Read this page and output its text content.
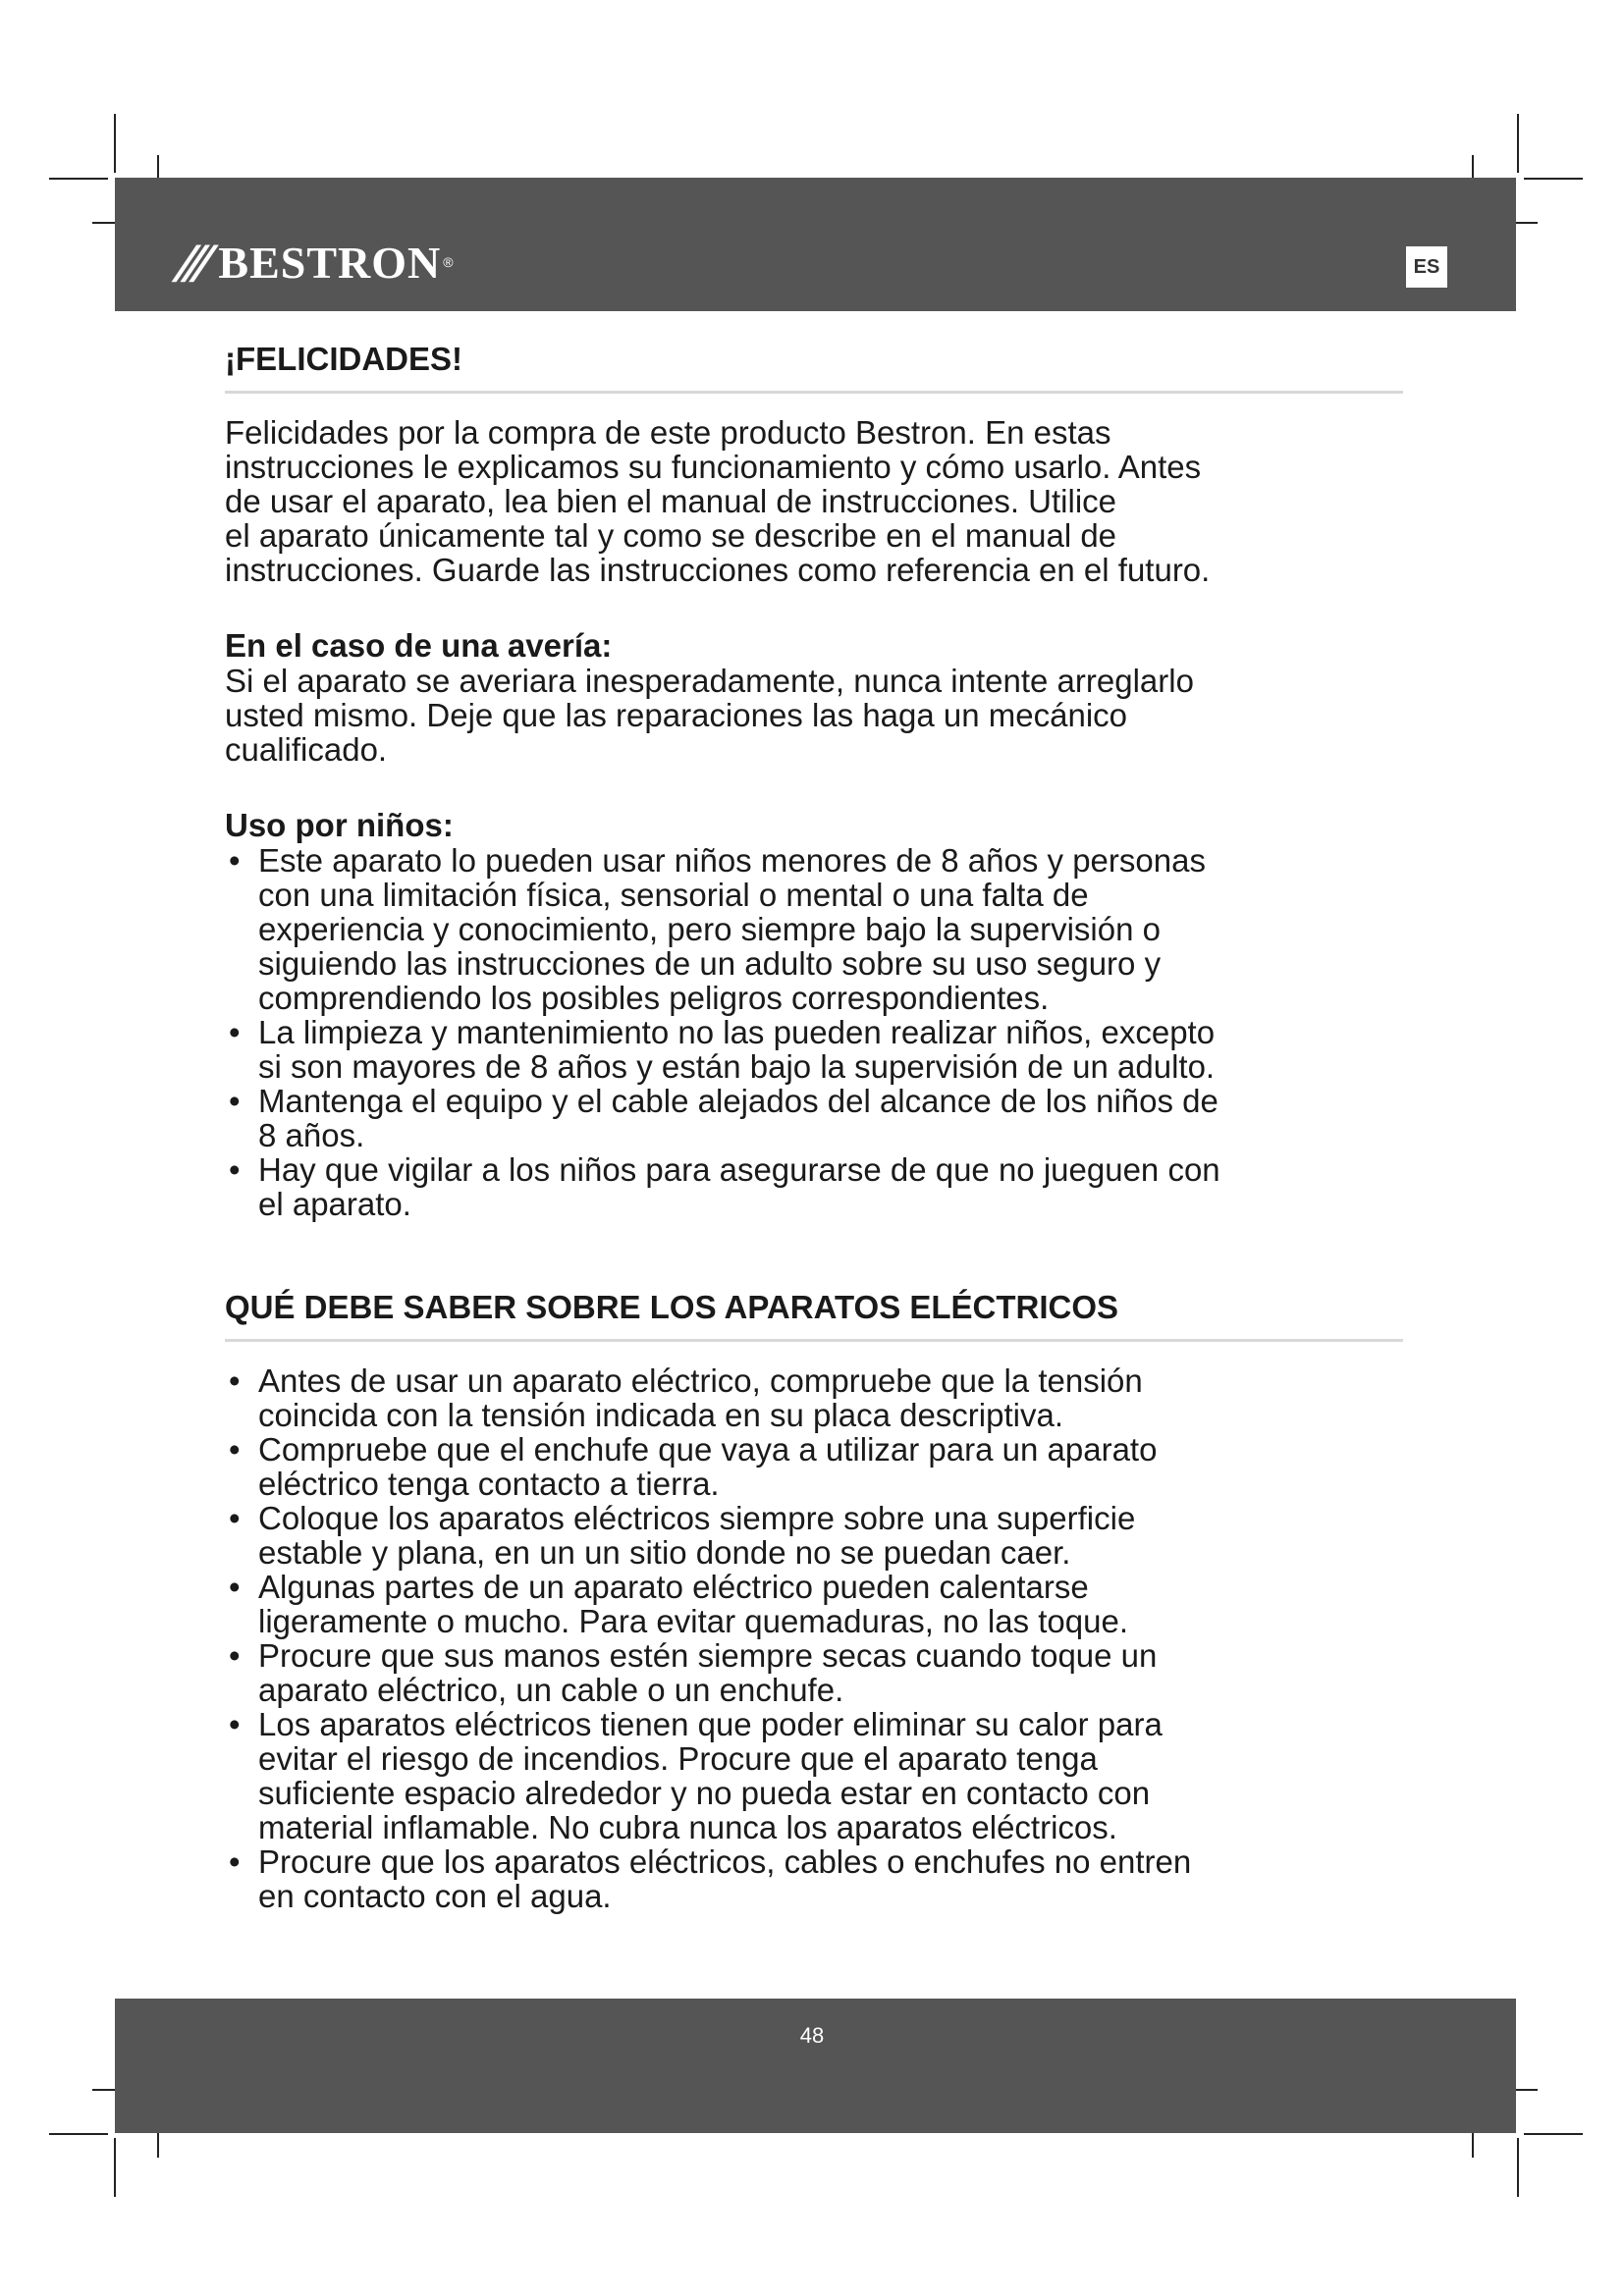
/// BESTRON ®	ES
¡FELICIDADES!

Felicidades por la compra de este producto Bestron. En estas
instrucciones le explicamos su funcionamiento y cómo usarlo. Antes
de usar el aparato, lea bien el manual de instrucciones. Utilice
el aparato únicamente tal y como se describe en el manual de
instrucciones. Guarde las instrucciones como referencia en el futuro.

En el caso de una avería:

Si el aparato se averiara inesperadamente, nunca intente arreglarlo
usted mismo. Deje que las reparaciones las haga un mecánico
cualificado.

Uso por niños:
• Este aparato lo pueden usar niños menores de 8 años y personas
con una limitación física, sensorial o mental o una falta de
experiencia y conocimiento, pero siempre bajo la supervisión o
siguiendo las instrucciones de un adulto sobre su uso seguro y
comprendiendo los posibles peligros correspondientes.
• La limpieza y mantenimiento no las pueden realizar niños, excepto
si son mayores de 8 años y están bajo la supervisión de un adulto.
• Mantenga el equipo y el cable alejados del alcance de los niños de
8 años.
• Hay que vigilar a los niños para asegurarse de que no jueguen con
el aparato.
QUÉ DEBE SABER SOBRE LOS APARATOS ELÉCTRICOS
• Antes de usar un aparato eléctrico, compruebe que la tensión
coincida con la tensión indicada en su placa descriptiva.
• Compruebe que el enchufe que vaya a utilizar para un aparato
eléctrico tenga contacto a tierra.
• Coloque los aparatos eléctricos siempre sobre una superficie
estable y plana, en un un sitio donde no se puedan caer.
• Algunas partes de un aparato eléctrico pueden calentarse
ligeramente o mucho. Para evitar quemaduras, no las toque.
• Procure que sus manos estén siempre secas cuando toque un
aparato eléctrico, un cable o un enchufe.
• Los aparatos eléctricos tienen que poder eliminar su calor para
evitar el riesgo de incendios. Procure que el aparato tenga
suficiente espacio alrededor y no pueda estar en contacto con
material inflamable. No cubra nunca los aparatos eléctricos.
• Procure que los aparatos eléctricos, cables o enchufes no entren
en contacto con el agua.
48
